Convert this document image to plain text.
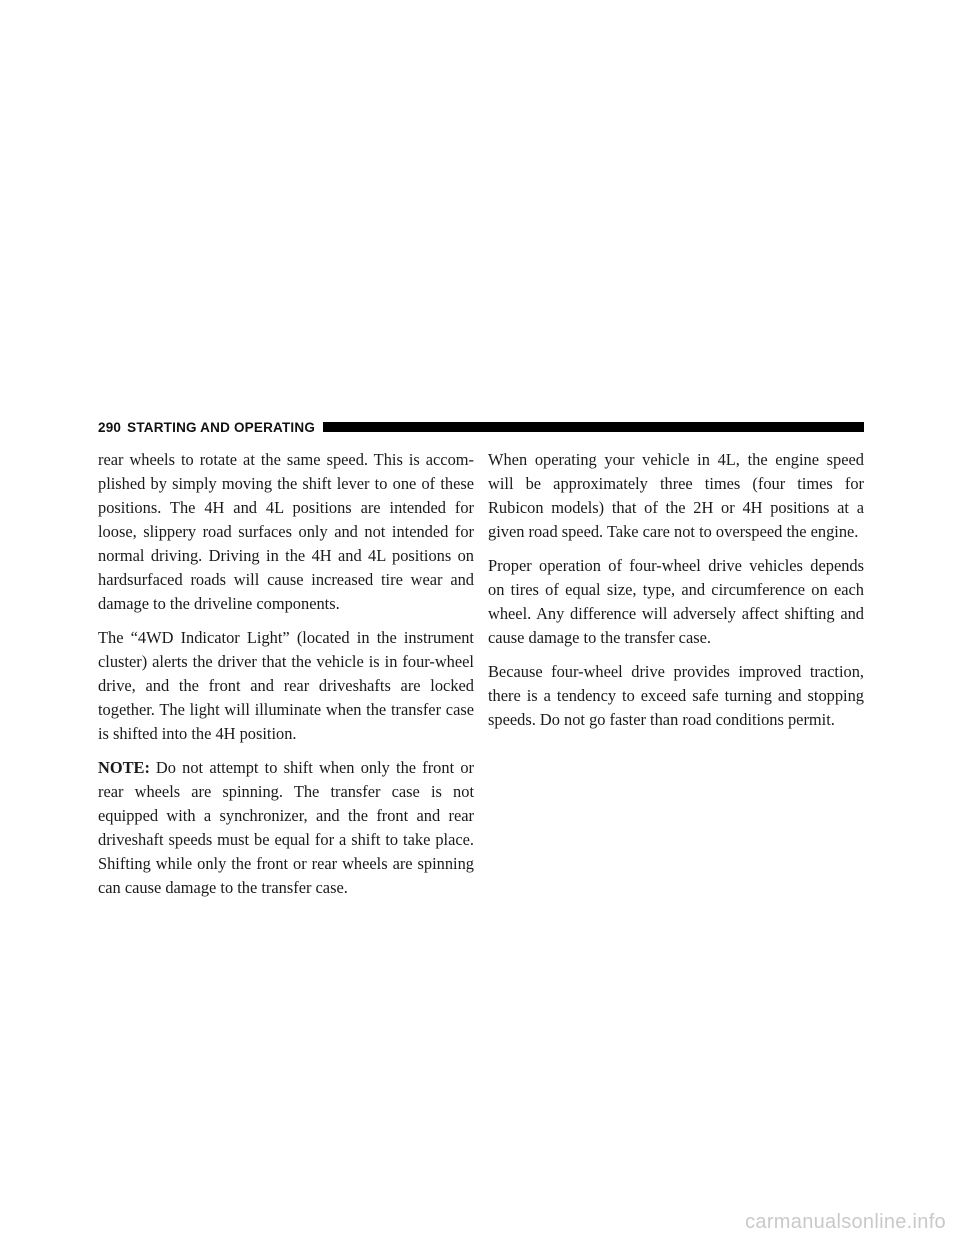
290 STARTING AND OPERATING

rear wheels to rotate at the same speed. This is accomplished by simply moving the shift lever to one of these positions. The 4H and 4L positions are intended for loose, slippery road surfaces only and not intended for normal driving. Driving in the 4H and 4L positions on hardsurfaced roads will cause increased tire wear and damage to the driveline components.

The “4WD Indicator Light” (located in the instrument cluster) alerts the driver that the vehicle is in four-wheel drive, and the front and rear driveshafts are locked together. The light will illuminate when the transfer case is shifted into the 4H position.

NOTE: Do not attempt to shift when only the front or rear wheels are spinning. The transfer case is not equipped with a synchronizer, and the front and rear driveshaft speeds must be equal for a shift to take place. Shifting while only the front or rear wheels are spinning can cause damage to the transfer case.

When operating your vehicle in 4L, the engine speed will be approximately three times (four times for Rubicon models) that of the 2H or 4H positions at a given road speed. Take care not to overspeed the engine.

Proper operation of four-wheel drive vehicles depends on tires of equal size, type, and circumference on each wheel. Any difference will adversely affect shifting and cause damage to the transfer case.

Because four-wheel drive provides improved traction, there is a tendency to exceed safe turning and stopping speeds. Do not go faster than road conditions permit.

carmanualsonline.info
